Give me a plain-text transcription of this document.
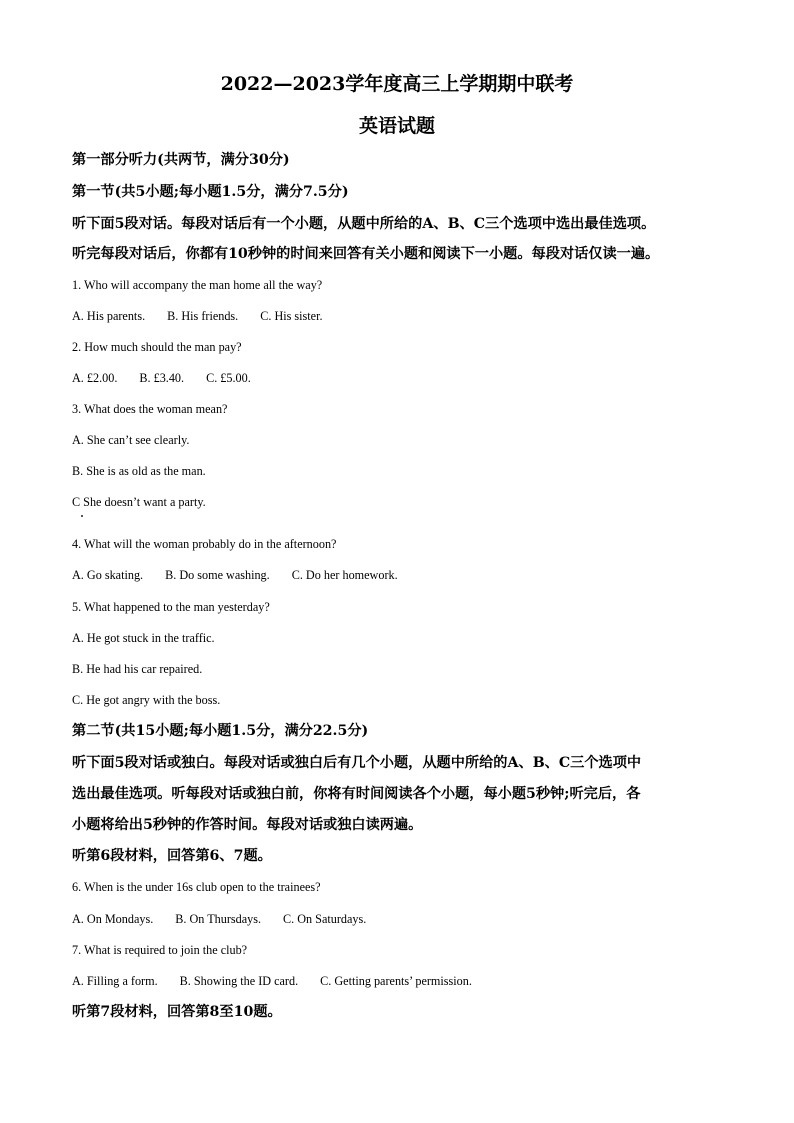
2022—2023学年度高三上学期期中联考
英语试题
第一部分听力(共两节，满分30分)
第一节(共5小题;每小题1.5分，满分7.5分)
听下面5段对话。每段对话后有一个小题，从题中所给的A、B、C三个选项中选出最佳选项。
听完每段对话后，你都有10秒钟的时间来回答有关小题和阅读下一小题。每段对话仅读一遍。
1. Who will accompany the man home all the way?
A. His parents. B. His friends. C. His sister.
2. How much should the man pay?
A. £2.00. B. £3.40. C. £5.00.
3. What does the woman mean?
A. She can’t see clearly.
B. She is as old as the man.
C She doesn’t want a party.
4. What will the woman probably do in the afternoon?
A. Go skating. B. Do some washing. C. Do her homework.
5. What happened to the man yesterday?
A. He got stuck in the traffic.
B. He had his car repaired.
C. He got angry with the boss.
第二节(共15小题;每小题1.5分，满分22.5分)
听下面5段对话或独白。每段对话或独白后有几个小题，从题中所给的A、B、C三个选项中
选出最佳选项。听每段对话或独白前，你将有时间阅读各个小题，每小题5秒钟;听完后，各
小题将给出5秒钟的作答时间。每段对话或独白读两遍。
听第6段材料，回答第6、7题。
6. When is the under 16s club open to the trainees?
A. On Mondays. B. On Thursdays. C. On Saturdays.
7. What is required to join the club?
A. Filling a form. B. Showing the ID card. C. Getting parents’ permission.
听第7段材料，回答第8至10题。
